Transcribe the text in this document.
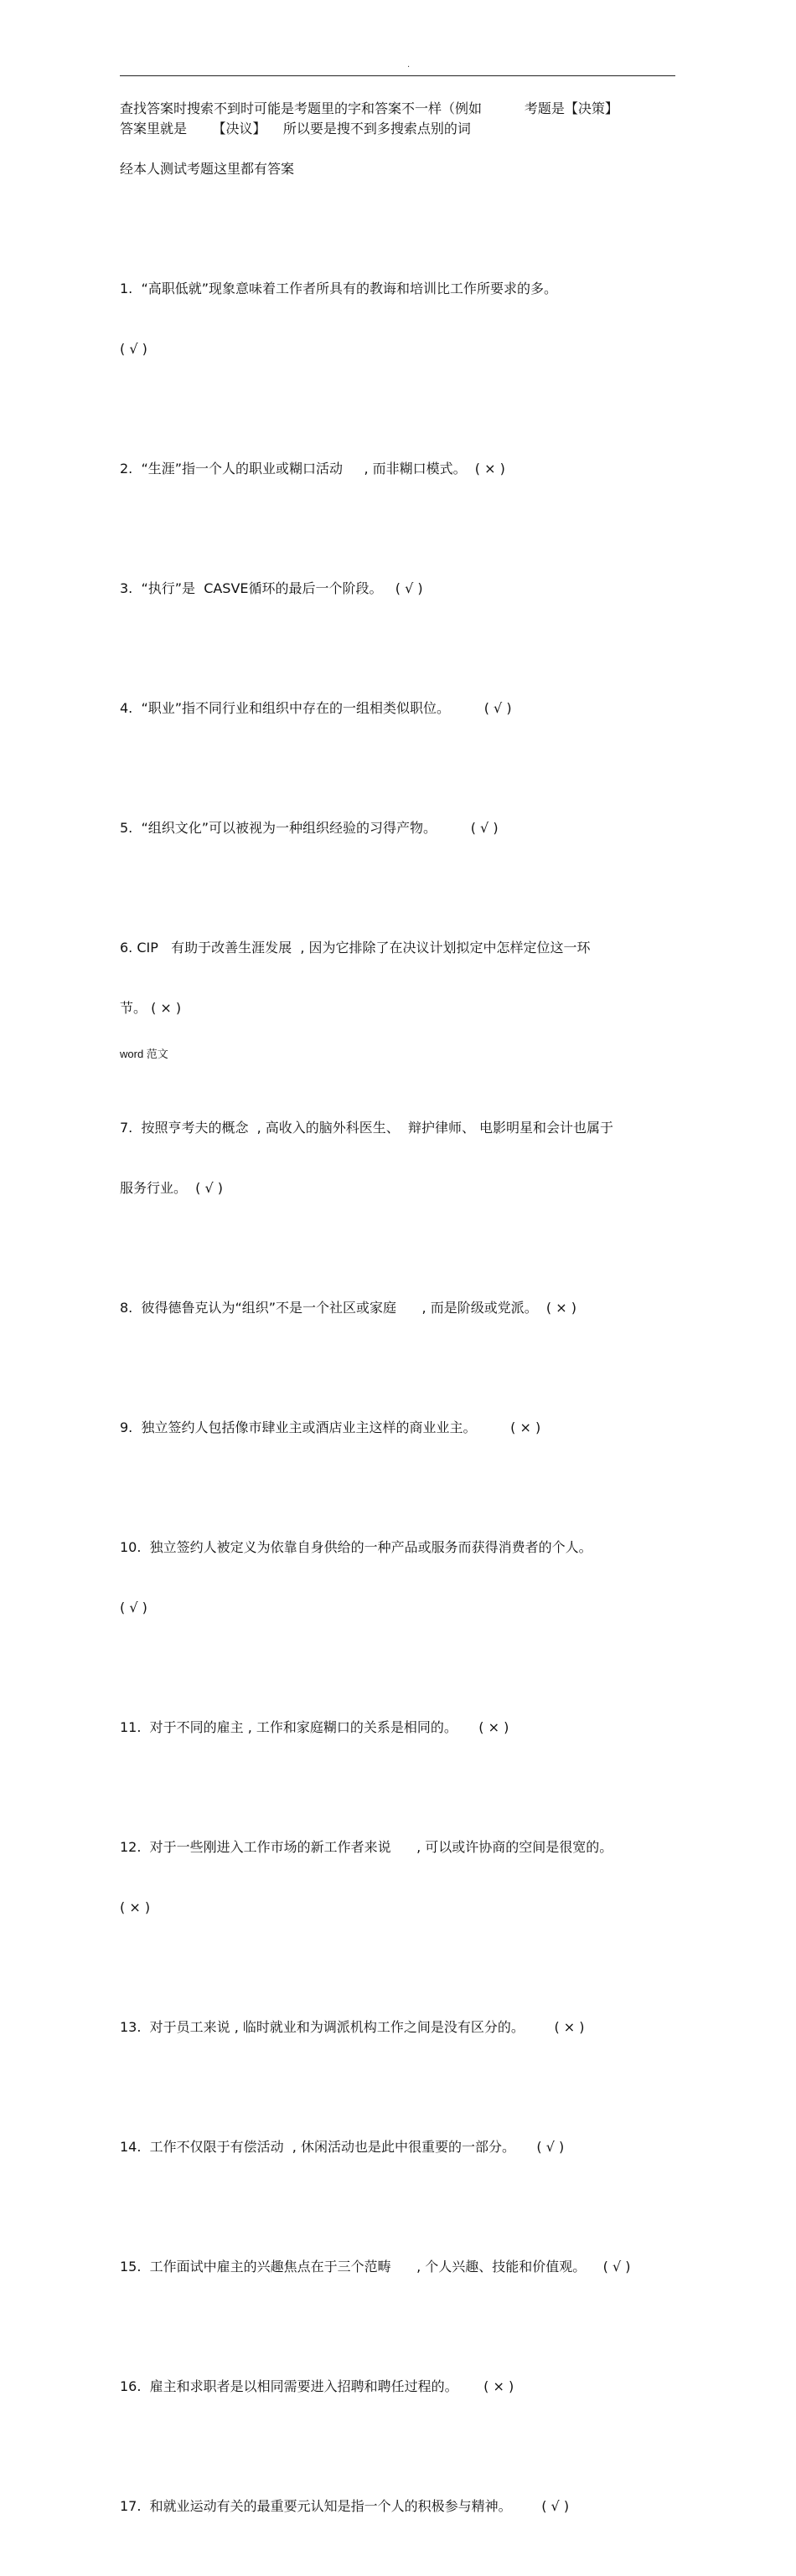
.
查找答案时搜索不到时可能是考题里的字和答案不一样（例如          考题是【决策】
答案里就是      【决议】    所以要是搜不到多搜索点别的词
经本人测试考题这里都有答案

1.  “高职低就”现象意味着工作者所具有的教诲和培训比工作所要求的多。

( √ )

2.  “生涯”指一个人的职业或糊口活动     , 而非糊口模式。  ( × )

3.  “执行”是  CASVE循环的最后一个阶段。   ( √ )

4.  “职业”指不同行业和组织中存在的一组相类似职位。        ( √ )

5.  “组织文化”可以被视为一种组织经验的习得产物。        ( √ )

6. CIP   有助于改善生涯发展  , 因为它排除了在决议计划拟定中怎样定位这一环

节。 ( × )

7.  按照亨考夫的概念  , 高收入的脑外科医生、  辩护律师、 电影明星和会计也属于

服务行业。  ( √ )

8.  彼得德鲁克认为“组织”不是一个社区或家庭      , 而是阶级或党派。  ( × )

9.  独立签约人包括像市肆业主或酒店业主这样的商业业主。        ( × )

10.  独立签约人被定义为依靠自身供给的一种产品或服务而获得消费者的个人。

( √ )

11.  对于不同的雇主 , 工作和家庭糊口的关系是相同的。     ( × )

12.  对于一些刚进入工作市场的新工作者来说      , 可以或许协商的空间是很宽的。

( × )

13.  对于员工来说 , 临时就业和为调派机构工作之间是没有区分的。       ( × )

14.  工作不仅限于有偿活动  , 休闲活动也是此中很重要的一部分。     ( √ )

15.  工作面试中雇主的兴趣焦点在于三个范畴      , 个人兴趣、技能和价值观。    ( √ )

16.  雇主和求职者是以相同需要进入招聘和聘任过程的。      ( × )

17.  和就业运动有关的最重要元认知是指一个人的积极参与精神。       ( √ )

word 范文
